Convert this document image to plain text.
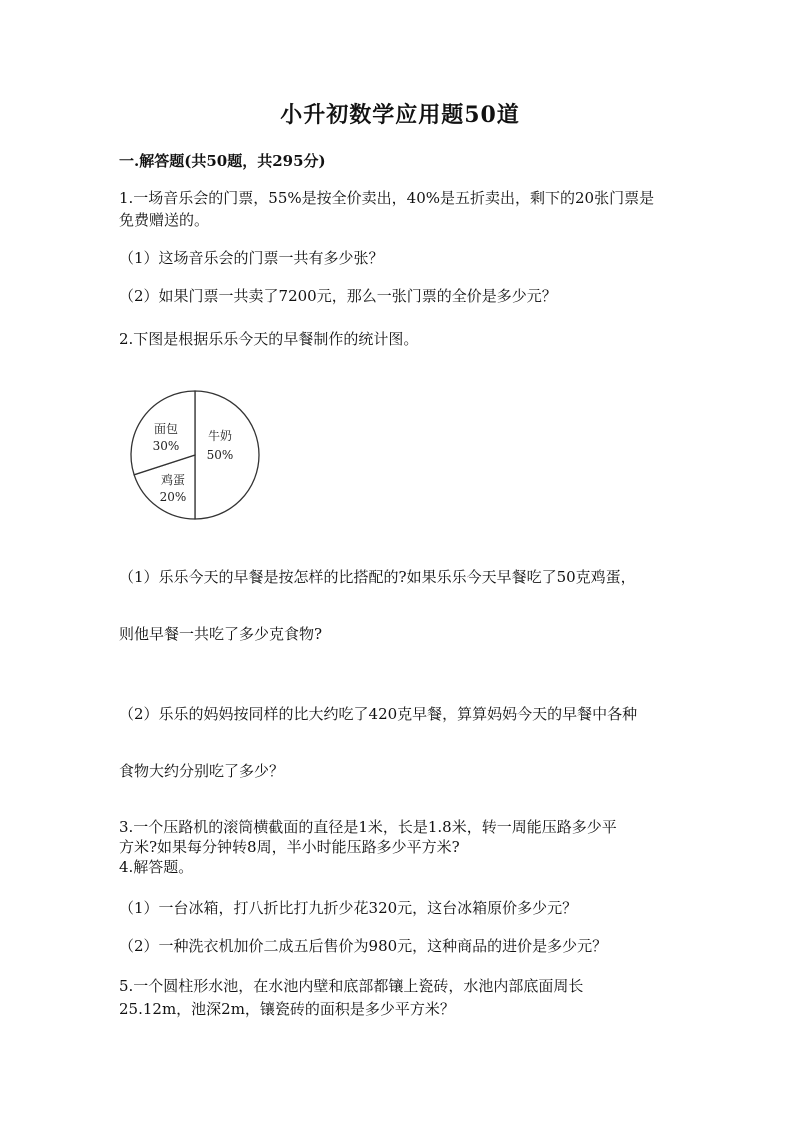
小升初数学应用题50道
一.解答题(共50题，共295分)
1.一场音乐会的门票，55%是按全价卖出，40%是五折卖出，剩下的20张门票是
免费赠送的。
（1）这场音乐会的门票一共有多少张？
（2）如果门票一共卖了7200元，那么一张门票的全价是多少元？
2.下图是根据乐乐今天的早餐制作的统计图。
面包
30%
牛奶
50%
鸡蛋
20%
（1）乐乐今天的早餐是按怎样的比搭配的?如果乐乐今天早餐吃了50克鸡蛋，
则他早餐一共吃了多少克食物?
（2）乐乐的妈妈按同样的比大约吃了420克早餐，算算妈妈今天的早餐中各种
食物大约分别吃了多少？
3.一个压路机的滚筒横截面的直径是1米，长是1.8米，转一周能压路多少平
方米?如果每分钟转8周，半小时能压路多少平方米?
4.解答题。
（1）一台冰箱，打八折比打九折少花320元，这台冰箱原价多少元？
（2）一种洗衣机加价二成五后售价为980元，这种商品的进价是多少元？
5.一个圆柱形水池，在水池内壁和底部都镶上瓷砖，水池内部底面周长
25.12m，池深2m，镶瓷砖的面积是多少平方米？
